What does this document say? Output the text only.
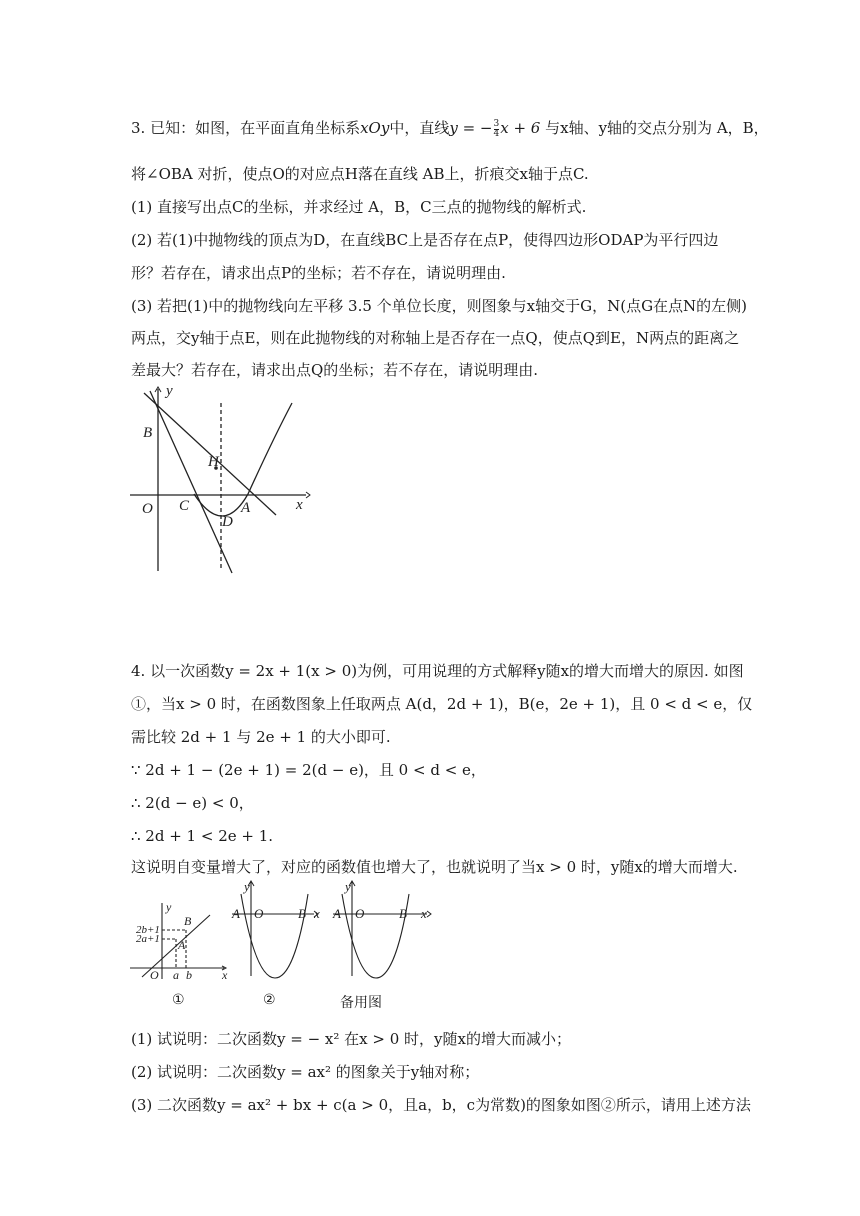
3. 已知：如图，在平面直角坐标系xOy中，直线y = − $\frac{3}{4}$ x + 6 与x轴、y轴的交点分别为 A，B，
将∠OBA 对折，使点O的对应点H落在直线 AB上，折痕交x轴于点C.
(1) 直接写出点C的坐标，并求经过 A，B，C三点的抛物线的解析式.
(2) 若(1)中抛物线的顶点为D，在直线BC上是否存在点P，使得四边形ODAP为平行四边
形？若存在，请求出点P的坐标；若不存在，请说明理由.
(3) 若把(1)中的抛物线向左平移 3.5 个单位长度，则图象与x轴交于G，N(点G在点N的左侧)
两点，交y轴于点E，则在此抛物线的对称轴上是否存在一点Q，使点Q到E，N两点的距离之
差最大？若存在，请求出点Q的坐标；若不存在，请说明理由.
y
B
H
O C
D
A	x
4. 以一次函数y = 2x + 1(x > 0)为例，可用说理的方式解释y随x的增大而增大的原因. 如图
①，当x > 0 时，在函数图象上任取两点 A(d，2d + 1)，B(e，2e + 1)，且 0 < d < e，仅
需比较 2d + 1 与 2e + 1 的大小即可.
∵ 2d + 1 − (2e + 1) = 2(d − e)，且 0 < d < e，
∴ 2(d − e) < 0，
∴ 2d + 1 < 2e + 1.
这说明自变量增大了，对应的函数值也增大了，也就说明了当x > 0 时，y随x的增大而增大.
y
B
A
O a b	x
2b+1
2a+1
①
y
A O	B x
②
y
A O	B x
备用图
(1) 试说明：二次函数y = − x² 在x > 0 时，y随x的增大而减小；
(2) 试说明：二次函数y = ax² 的图象关于y轴对称；
(3) 二次函数y = ax² + bx + c(a > 0，且a，b，c为常数)的图象如图②所示，请用上述方法
